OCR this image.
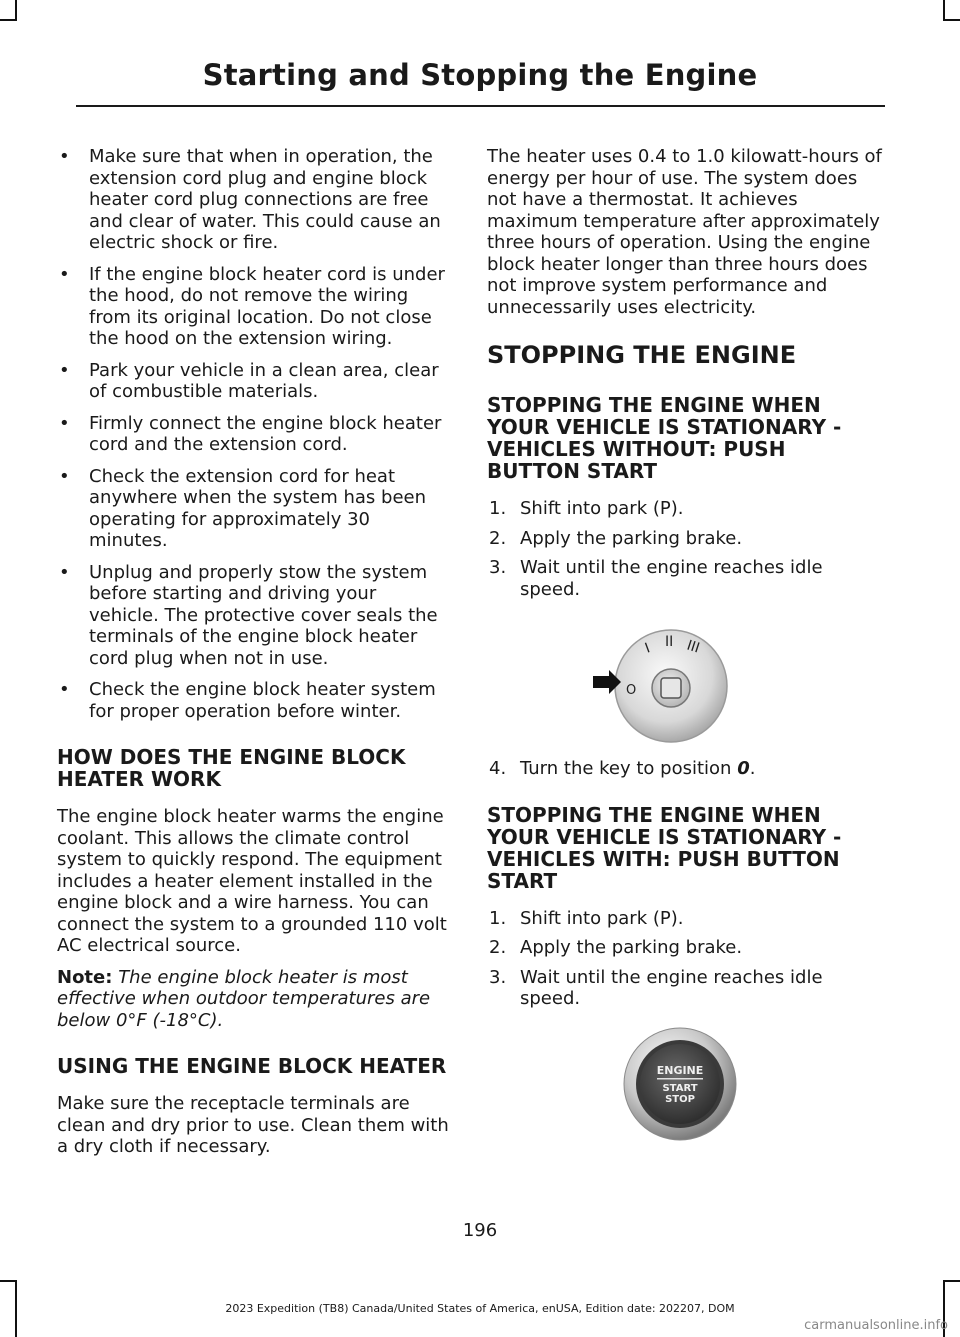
Starting and Stopping the Engine
• Make sure that when in operation, the extension cord plug and engine block heater cord plug connections are free and clear of water. This could cause an electric shock or fire.
• If the engine block heater cord is under the hood, do not remove the wiring from its original location. Do not close the hood on the extension wiring.
• Park your vehicle in a clean area, clear of combustible materials.
• Firmly connect the engine block heater cord and the extension cord.
• Check the extension cord for heat anywhere when the system has been operating for approximately 30 minutes.
• Unplug and properly stow the system before starting and driving your vehicle. The protective cover seals the terminals of the engine block heater cord plug when not in use.
• Check the engine block heater system for proper operation before winter.
HOW DOES THE ENGINE BLOCK HEATER WORK

The engine block heater warms the engine coolant. This allows the climate control system to quickly respond. The equipment includes a heater element installed in the engine block and a wire harness. You can connect the system to a grounded 110 volt AC electrical source.

Note: The engine block heater is most effective when outdoor temperatures are below 0°F (-18°C).

USING THE ENGINE BLOCK HEATER

Make sure the receptacle terminals are clean and dry prior to use. Clean them with a dry cloth if necessary.

The heater uses 0.4 to 1.0 kilowatt-hours of energy per hour of use. The system does not have a thermostat. It achieves maximum temperature after approximately three hours of operation. Using the engine block heater longer than three hours does not improve system performance and unnecessarily uses electricity.

STOPPING THE ENGINE
STOPPING THE ENGINE WHEN YOUR VEHICLE IS STATIONARY - VEHICLES WITHOUT: PUSH BUTTON START
1. Shift into park (P).
2. Apply the parking brake.
3. Wait until the engine reaches idle speed.
I II III
O
4. Turn the key to position 0.
STOPPING THE ENGINE WHEN YOUR VEHICLE IS STATIONARY - VEHICLES WITH: PUSH BUTTON START
1. Shift into park (P).
2. Apply the parking brake.
3. Wait until the engine reaches idle speed.
ENGINE
START
STOP

196

2023 Expedition (TB8) Canada/United States of America, enUSA, Edition date: 202207, DOM

carmanualsonline.info
